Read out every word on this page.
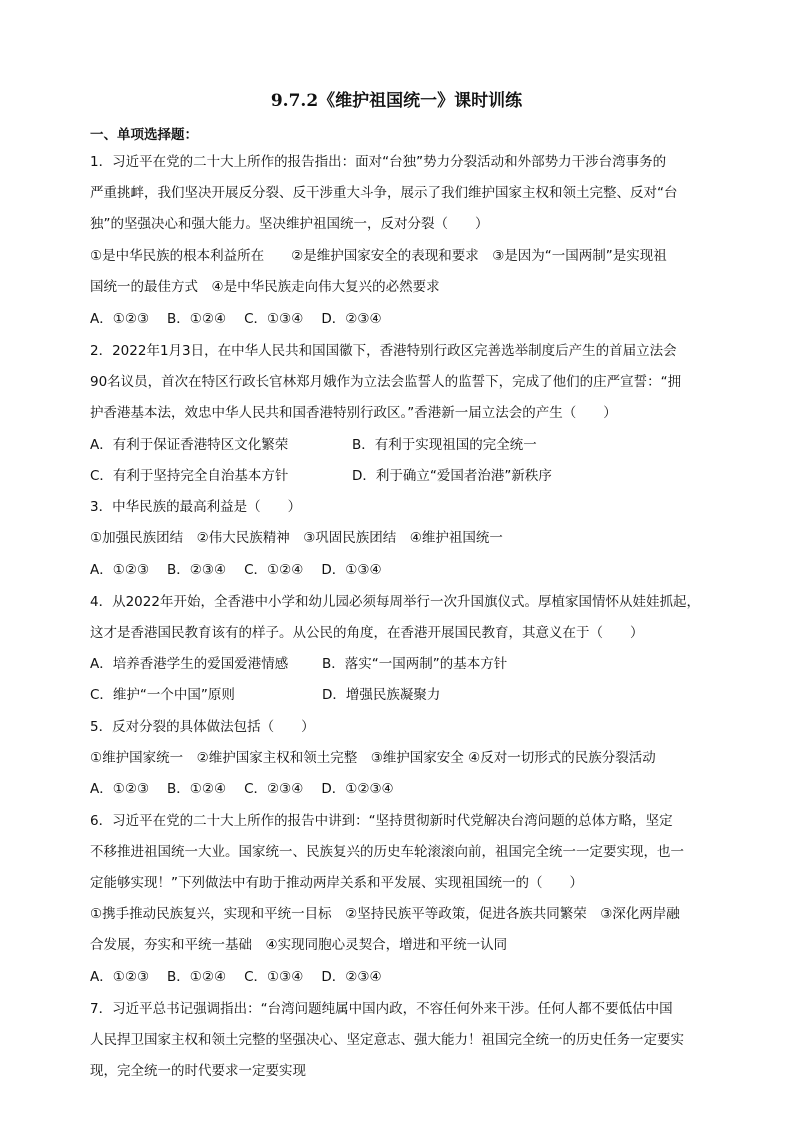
9.7.2《维护祖国统一》课时训练
一、单项选择题：
1．习近平在党的二十大上所作的报告指出：面对“台独”势力分裂活动和外部势力干涉台湾事务的
严重挑衅，我们坚决开展反分裂、反干涉重大斗争，展示了我们维护国家主权和领土完整、反对“台
独”的坚强决心和强大能力。坚决维护祖国统一，反对分裂（　　）
①是中华民族的根本利益所在　　②是维护国家安全的表现和要求　③是因为“一国两制”是实现祖
国统一的最佳方式　④是中华民族走向伟大复兴的必然要求
A．①②③ B．①②④ C．①③④ D．②③④
2．2022年1月3日，在中华人民共和国国徽下，香港特别行政区完善选举制度后产生的首届立法会
90名议员，首次在特区行政长官林郑月娥作为立法会监誓人的监誓下，完成了他们的庄严宣誓：“拥
护香港基本法，效忠中华人民共和国香港特别行政区。”香港新一届立法会的产生（　　）
A．有利于保证香港特区文化繁荣	B．有利于实现祖国的完全统一
C．有利于坚持完全自治基本方针	D．利于确立“爱国者治港”新秩序
3．中华民族的最高利益是（　　）
①加强民族团结　②伟大民族精神　③巩固民族团结　④维护祖国统一
A．①②③ B．②③④ C．①②④ D．①③④
4．从2022年开始，全香港中小学和幼儿园必须每周举行一次升国旗仪式。厚植家国情怀从娃娃抓起，
这才是香港国民教育该有的样子。从公民的角度，在香港开展国民教育，其意义在于（　　）
A．培养香港学生的爱国爱港情感	B．落实“一国两制”的基本方针
C．维护“一个中国”原则	D．增强民族凝聚力
5．反对分裂的具体做法包括（　　）
①维护国家统一　②维护国家主权和领土完整　③维护国家安全 ④反对一切形式的民族分裂活动
A．①②③ B．①②④ C．②③④ D．①②③④
6．习近平在党的二十大上所作的报告中讲到：“坚持贯彻新时代党解决台湾问题的总体方略，坚定
不移推进祖国统一大业。国家统一、民族复兴的历史车轮滚滚向前，祖国完全统一一定要实现，也一
定能够实现！”下列做法中有助于推动两岸关系和平发展、实现祖国统一的（　　）
①携手推动民族复兴，实现和平统一目标　②坚持民族平等政策，促进各族共同繁荣　③深化两岸融
合发展，夯实和平统一基础　④实现同胞心灵契合，增进和平统一认同
A．①②③ B．①②④ C．①③④ D．②③④
7．习近平总书记强调指出：“台湾问题纯属中国内政，不容任何外来干涉。任何人都不要低估中国
人民捍卫国家主权和领土完整的坚强决心、坚定意志、强大能力！祖国完全统一的历史任务一定要实
现，完全统一的时代要求一定要实现
